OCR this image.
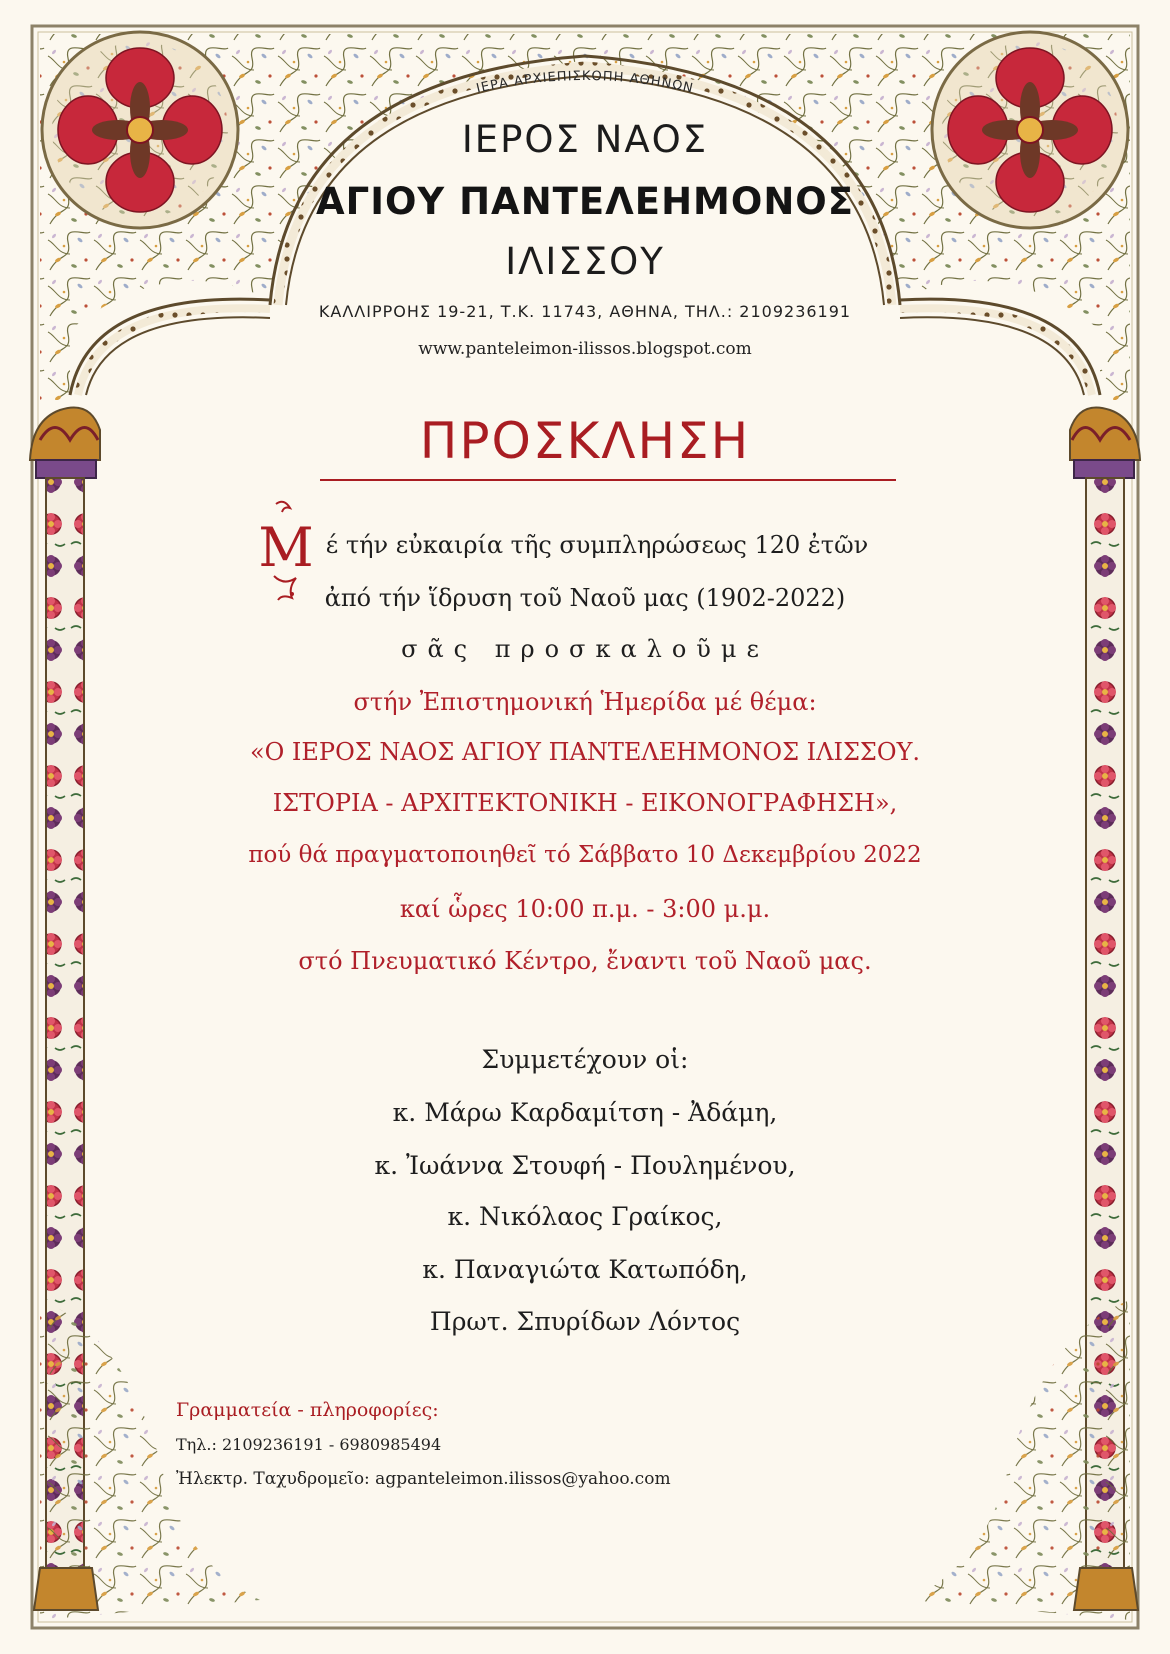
ΙΕΡΑ ΑΡΧΙΕΠΙΣΚΟΠΗ ΑΘΗΝΩΝ
ΙΕΡΟΣ ΝΑΟΣ
ΑΓΙΟΥ ΠΑΝΤΕΛΕΗΜΟΝΟΣ
ΙΛΙΣΣΟΥ
ΚΑΛΛΙΡΡΟΗΣ 19-21, Τ.Κ. 11743, ΑΘΗΝΑ, ΤΗΛ.: 2109236191
www.panteleimon-ilissos.blogspot.com
ΠΡΟΣΚΛΗΣΗ
Μ έ τήν εὐκαιρία τῆς συμπληρώσεως 120 ἐτῶν
ἀπό τήν ἵδρυση τοῦ Ναοῦ μας (1902-2022)
σᾶς προσκαλοῦμε
στήν Ἐπιστημονική Ἡμερίδα μέ θέμα:
«Ο ΙΕΡΟΣ ΝΑΟΣ ΑΓΙΟΥ ΠΑΝΤΕΛΕΗΜΟΝΟΣ ΙΛΙΣΣΟΥ.
ΙΣΤΟΡΙΑ - ΑΡΧΙΤΕΚΤΟΝΙΚΗ - ΕΙΚΟΝΟΓΡΑΦΗΣΗ»,
πού θά πραγματοποιηθεῖ τό Σάββατο 10 Δεκεμβρίου 2022
καί ὧρες 10:00 π.μ. - 3:00 μ.μ.
στό Πνευματικό Κέντρο, ἔναντι τοῦ Ναοῦ μας.
Συμμετέχουν οἱ:
κ. Μάρω Καρδαμίτση - Ἀδάμη,
κ. Ἰωάννα Στουφή - Πουλημένου,
κ. Νικόλαος Γραίκος,
κ. Παναγιώτα Κατωπόδη,
Πρωτ. Σπυρίδων Λόντος
Γραμματεία - πληροφορίες:
Τηλ.: 2109236191 - 6980985494
Ἠλεκτρ. Ταχυδρομεῖο: agpanteleimon.ilissos@yahoo.com
